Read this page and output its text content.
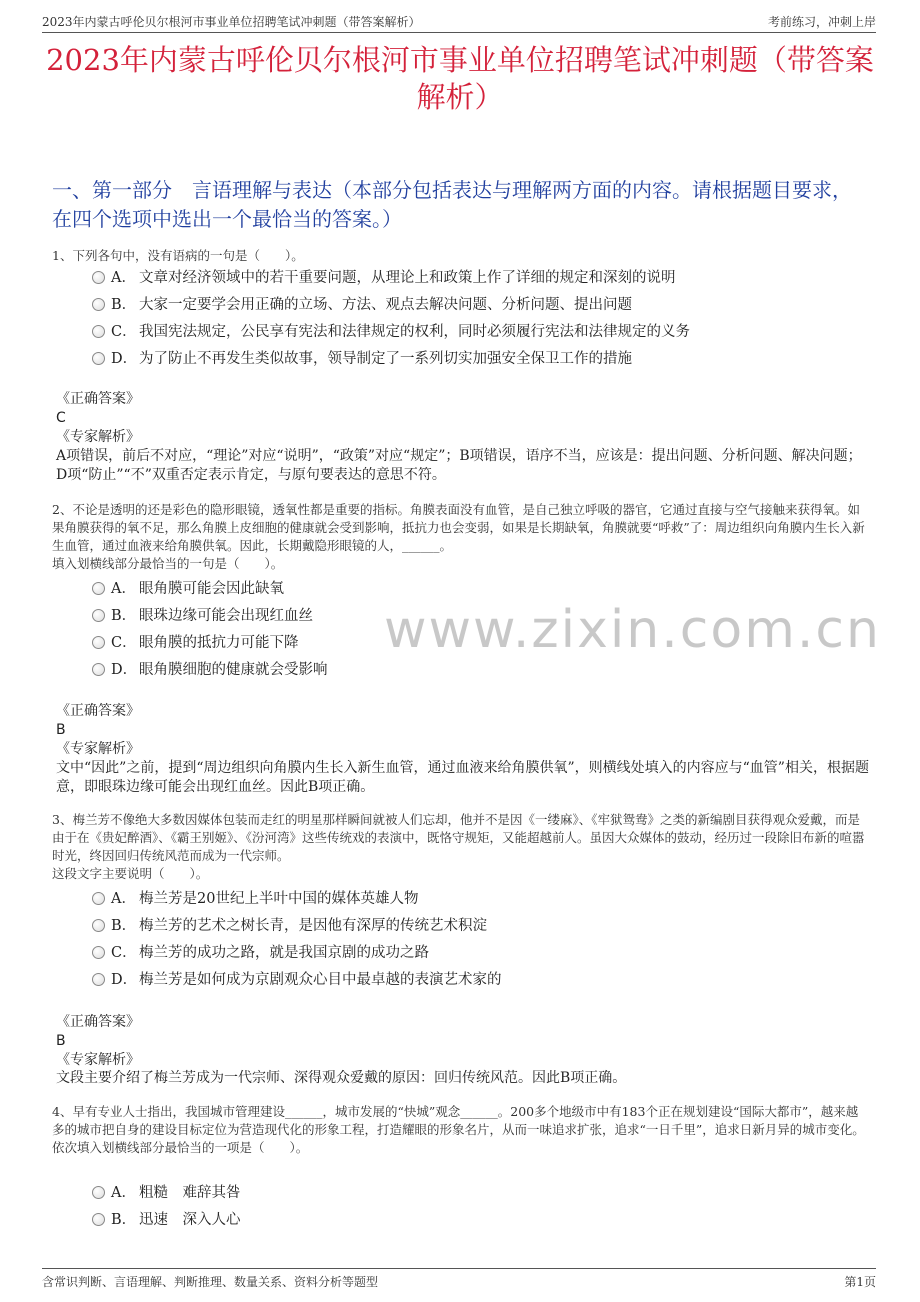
2023年内蒙古呼伦贝尔根河市事业单位招聘笔试冲刺题（带答案解析）	考前练习，冲刺上岸
2023年内蒙古呼伦贝尔根河市事业单位招聘笔试冲刺题（带答案解析）
一、第一部分　言语理解与表达（本部分包括表达与理解两方面的内容。请根据题目要求，在四个选项中选出一个最恰当的答案。）
1、下列各句中，没有语病的一句是（　　）。
A． 文章对经济领域中的若干重要问题，从理论上和政策上作了详细的规定和深刻的说明
B． 大家一定要学会用正确的立场、方法、观点去解决问题、分析问题、提出问题
C． 我国宪法规定，公民享有宪法和法律规定的权利，同时必须履行宪法和法律规定的义务
D． 为了防止不再发生类似故事，领导制定了一系列切实加强安全保卫工作的措施
《正确答案》
C
《专家解析》
A项错误，前后不对应，“理论”对应“说明”，“政策”对应“规定”；B项错误，语序不当，应该是：提出问题、分析问题、解决问题；D项“防止”“不”双重否定表示肯定，与原句要表达的意思不符。
2、不论是透明的还是彩色的隐形眼镜，透氧性都是重要的指标。角膜表面没有血管，是自己独立呼吸的器官，它通过直接与空气接触来获得氧。如果角膜获得的氧不足，那么角膜上皮细胞的健康就会受到影响，抵抗力也会变弱，如果是长期缺氧，角膜就要“呼救”了：周边组织向角膜内生长入新生血管，通过血液来给角膜供氧。因此，长期戴隐形眼镜的人，______。
填入划横线部分最恰当的一句是（　　）。
A． 眼角膜可能会因此缺氧
B． 眼珠边缘可能会出现红血丝
C． 眼角膜的抵抗力可能下降
D． 眼角膜细胞的健康就会受影响
www.zixin.com.cn
《正确答案》
B
《专家解析》
文中“因此”之前，提到“周边组织向角膜内生长入新生血管，通过血液来给角膜供氧”，则横线处填入的内容应与“血管”相关，根据题意，即眼珠边缘可能会出现红血丝。因此B项正确。
3、梅兰芳不像绝大多数因媒体包装而走红的明星那样瞬间就被人们忘却，他并不是因《一缕麻》、《牢狱鸳鸯》之类的新编剧目获得观众爱戴，而是由于在《贵妃醉酒》、《霸王别姬》、《汾河湾》这些传统戏的表演中，既恪守规矩，又能超越前人。虽因大众媒体的鼓动，经历过一段除旧布新的喧嚣时光，终因回归传统风范而成为一代宗师。
这段文字主要说明（　　）。
A． 梅兰芳是20世纪上半叶中国的媒体英雄人物
B． 梅兰芳的艺术之树长青，是因他有深厚的传统艺术积淀
C． 梅兰芳的成功之路，就是我国京剧的成功之路
D． 梅兰芳是如何成为京剧观众心目中最卓越的表演艺术家的
《正确答案》
B
《专家解析》
文段主要介绍了梅兰芳成为一代宗师、深得观众爱戴的原因：回归传统风范。因此B项正确。
4、早有专业人士指出，我国城市管理建设______，城市发展的“快城”观念______。200多个地级市中有183个正在规划建设“国际大都市”，越来越多的城市把自身的建设目标定位为营造现代化的形象工程，打造耀眼的形象名片，从而一味追求扩张，追求“一日千里”，追求日新月异的城市变化。
依次填入划横线部分最恰当的一项是（　　）。
A． 粗糙　难辞其咎
B． 迅速　深入人心
含常识判断、言语理解、判断推理、数量关系、资料分析等题型	第1页
